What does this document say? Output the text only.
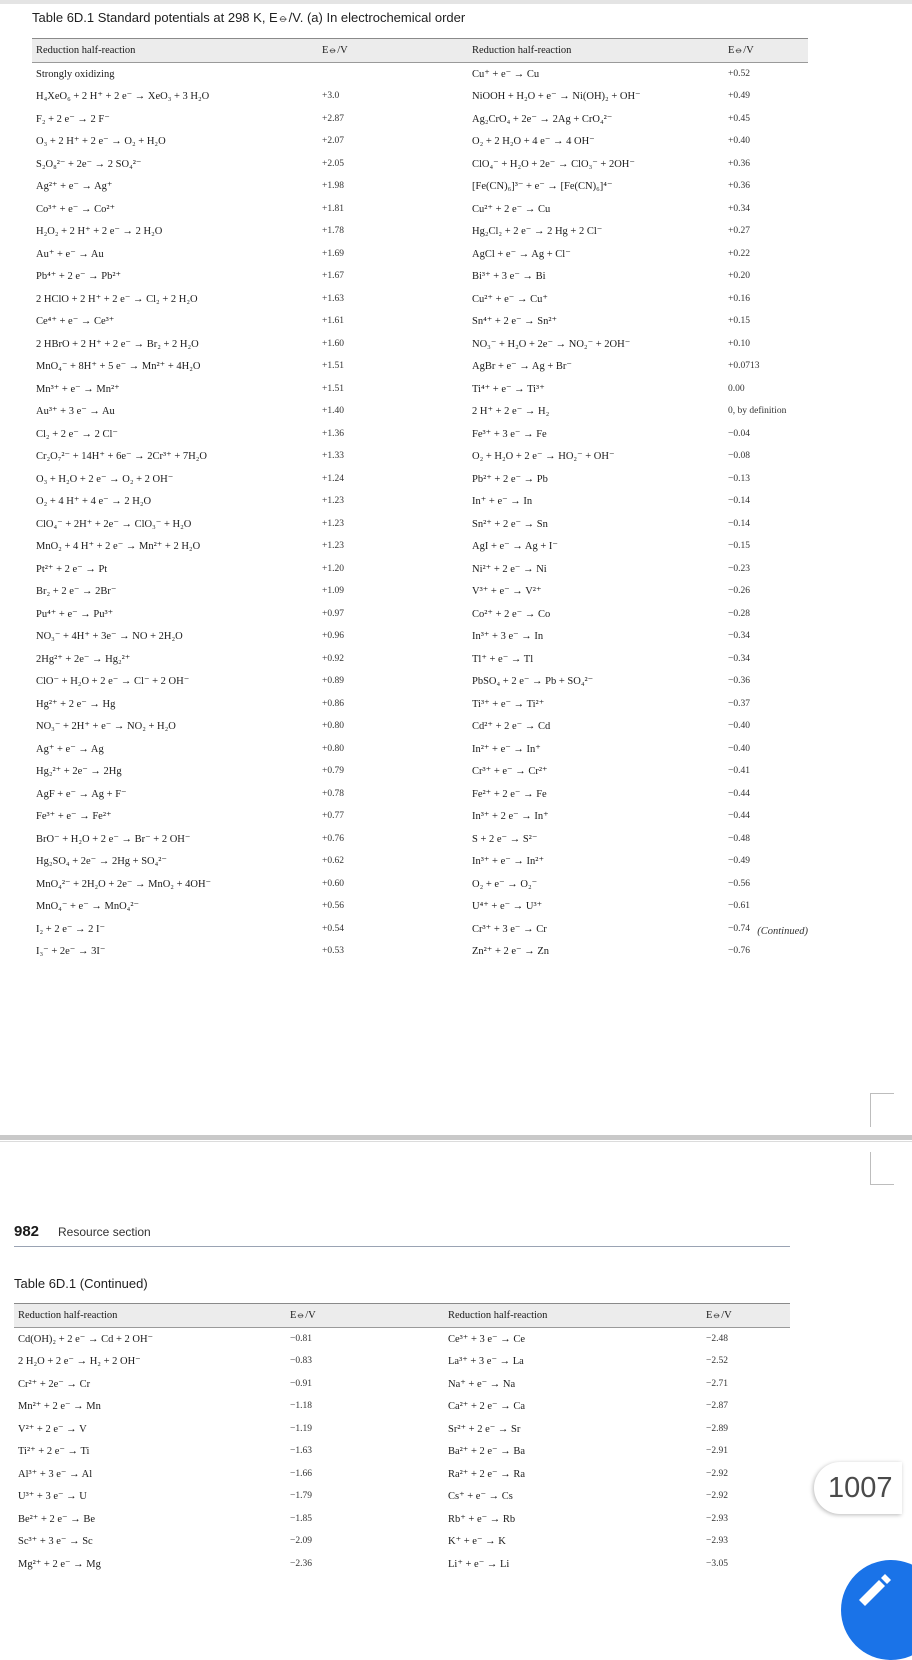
Table 6D.1 Standard potentials at 298 K, E⦵/V. (a) In electrochemical order
Reduction half-reaction	E⦵/V	Reduction half-reaction	E⦵/V
Strongly oxidizing		Cu⁺ + e⁻ → Cu	+0.52
H₄XeO₆ + 2 H⁺ + 2 e⁻ → XeO₃ + 3 H₂O	+3.0	NiOOH + H₂O + e⁻ → Ni(OH)₂ + OH⁻	+0.49
F₂ + 2 e⁻ → 2 F⁻	+2.87	Ag₂CrO₄ + 2e⁻ → 2Ag + CrO₄²⁻	+0.45
O₃ + 2 H⁺ + 2 e⁻ → O₂ + H₂O	+2.07	O₂ + 2 H₂O + 4 e⁻ → 4 OH⁻	+0.40
S₂O₈²⁻ + 2e⁻ → 2 SO₄²⁻	+2.05	ClO₄⁻ + H₂O + 2e⁻ → ClO₃⁻ + 2OH⁻	+0.36
Ag²⁺ + e⁻ → Ag⁺	+1.98	[Fe(CN)₆]³⁻ + e⁻ → [Fe(CN)₆]⁴⁻	+0.36
Co³⁺ + e⁻ → Co²⁺	+1.81	Cu²⁺ + 2 e⁻ → Cu	+0.34
H₂O₂ + 2 H⁺ + 2 e⁻ → 2 H₂O	+1.78	Hg₂Cl₂ + 2 e⁻ → 2 Hg + 2 Cl⁻	+0.27
Au⁺ + e⁻ → Au	+1.69	AgCl + e⁻ → Ag + Cl⁻	+0.22
Pb⁴⁺ + 2 e⁻ → Pb²⁺	+1.67	Bi³⁺ + 3 e⁻ → Bi	+0.20
2 HClO + 2 H⁺ + 2 e⁻ → Cl₂ + 2 H₂O	+1.63	Cu²⁺ + e⁻ → Cu⁺	+0.16
Ce⁴⁺ + e⁻ → Ce³⁺	+1.61	Sn⁴⁺ + 2 e⁻ → Sn²⁺	+0.15
2 HBrO + 2 H⁺ + 2 e⁻ → Br₂ + 2 H₂O	+1.60	NO₃⁻ + H₂O + 2e⁻ → NO₂⁻ + 2OH⁻	+0.10
MnO₄⁻ + 8H⁺ + 5 e⁻ → Mn²⁺ + 4H₂O	+1.51	AgBr + e⁻ → Ag + Br⁻	+0.0713
Mn³⁺ + e⁻ → Mn²⁺	+1.51	Ti⁴⁺ + e⁻ → Ti³⁺	0.00
Au³⁺ + 3 e⁻ → Au	+1.40	2 H⁺ + 2 e⁻ → H₂	0, by definition
Cl₂ + 2 e⁻ → 2 Cl⁻	+1.36	Fe³⁺ + 3 e⁻ → Fe	−0.04
Cr₂O₇²⁻ + 14H⁺ + 6e⁻ → 2Cr³⁺ + 7H₂O	+1.33	O₂ + H₂O + 2 e⁻ → HO₂⁻ + OH⁻	−0.08
O₃ + H₂O + 2 e⁻ → O₂ + 2 OH⁻	+1.24	Pb²⁺ + 2 e⁻ → Pb	−0.13
O₂ + 4 H⁺ + 4 e⁻ → 2 H₂O	+1.23	In⁺ + e⁻ → In	−0.14
ClO₄⁻ + 2H⁺ + 2e⁻ → ClO₃⁻ + H₂O	+1.23	Sn²⁺ + 2 e⁻ → Sn	−0.14
MnO₂ + 4 H⁺ + 2 e⁻ → Mn²⁺ + 2 H₂O	+1.23	AgI + e⁻ → Ag + I⁻	−0.15
Pt²⁺ + 2 e⁻ → Pt	+1.20	Ni²⁺ + 2 e⁻ → Ni	−0.23
Br₂ + 2 e⁻ → 2Br⁻	+1.09	V³⁺ + e⁻ → V²⁺	−0.26
Pu⁴⁺ + e⁻ → Pu³⁺	+0.97	Co²⁺ + 2 e⁻ → Co	−0.28
NO₃⁻ + 4H⁺ + 3e⁻ → NO + 2H₂O	+0.96	In³⁺ + 3 e⁻ → In	−0.34
2Hg²⁺ + 2e⁻ → Hg₂²⁺	+0.92	Tl⁺ + e⁻ → Tl	−0.34
ClO⁻ + H₂O + 2 e⁻ → Cl⁻ + 2 OH⁻	+0.89	PbSO₄ + 2 e⁻ → Pb + SO₄²⁻	−0.36
Hg²⁺ + 2 e⁻ → Hg	+0.86	Ti³⁺ + e⁻ → Ti²⁺	−0.37
NO₃⁻ + 2H⁺ + e⁻ → NO₂ + H₂O	+0.80	Cd²⁺ + 2 e⁻ → Cd	−0.40
Ag⁺ + e⁻ → Ag	+0.80	In²⁺ + e⁻ → In⁺	−0.40
Hg₂²⁺ + 2e⁻ → 2Hg	+0.79	Cr³⁺ + e⁻ → Cr²⁺	−0.41
AgF + e⁻ → Ag + F⁻	+0.78	Fe²⁺ + 2 e⁻ → Fe	−0.44
Fe³⁺ + e⁻ → Fe²⁺	+0.77	In³⁺ + 2 e⁻ → In⁺	−0.44
BrO⁻ + H₂O + 2 e⁻ → Br⁻ + 2 OH⁻	+0.76	S + 2 e⁻ → S²⁻	−0.48
Hg₂SO₄ + 2e⁻ → 2Hg + SO₄²⁻	+0.62	In³⁺ + e⁻ → In²⁺	−0.49
MnO₄²⁻ + 2H₂O + 2e⁻ → MnO₂ + 4OH⁻	+0.60	O₂ + e⁻ → O₂⁻	−0.56
MnO₄⁻ + e⁻ → MnO₄²⁻	+0.56	U⁴⁺ + e⁻ → U³⁺	−0.61
I₂ + 2 e⁻ → 2 I⁻	+0.54	Cr³⁺ + 3 e⁻ → Cr	−0.74
I₃⁻ + 2e⁻ → 3I⁻	+0.53	Zn²⁺ + 2 e⁻ → Zn	−0.76
(Continued)
982 Resource section
Table 6D.1 (Continued)
Reduction half-reaction	E⦵/V	Reduction half-reaction	E⦵/V
Cd(OH)₂ + 2 e⁻ → Cd + 2 OH⁻	−0.81	Ce³⁺ + 3 e⁻ → Ce	−2.48
2 H₂O + 2 e⁻ → H₂ + 2 OH⁻	−0.83	La³⁺ + 3 e⁻ → La	−2.52
Cr²⁺ + 2e⁻ → Cr	−0.91	Na⁺ + e⁻ → Na	−2.71
Mn²⁺ + 2 e⁻ → Mn	−1.18	Ca²⁺ + 2 e⁻ → Ca	−2.87
V²⁺ + 2 e⁻ → V	−1.19	Sr²⁺ + 2 e⁻ → Sr	−2.89
Ti²⁺ + 2 e⁻ → Ti	−1.63	Ba²⁺ + 2 e⁻ → Ba	−2.91
Al³⁺ + 3 e⁻ → Al	−1.66	Ra²⁺ + 2 e⁻ → Ra	−2.92
U³⁺ + 3 e⁻ → U	−1.79	Cs⁺ + e⁻ → Cs	−2.92
Be²⁺ + 2 e⁻ → Be	−1.85	Rb⁺ + e⁻ → Rb	−2.93
Sc³⁺ + 3 e⁻ → Sc	−2.09	K⁺ + e⁻ → K	−2.93
Mg²⁺ + 2 e⁻ → Mg	−2.36	Li⁺ + e⁻ → Li	−3.05
1007
